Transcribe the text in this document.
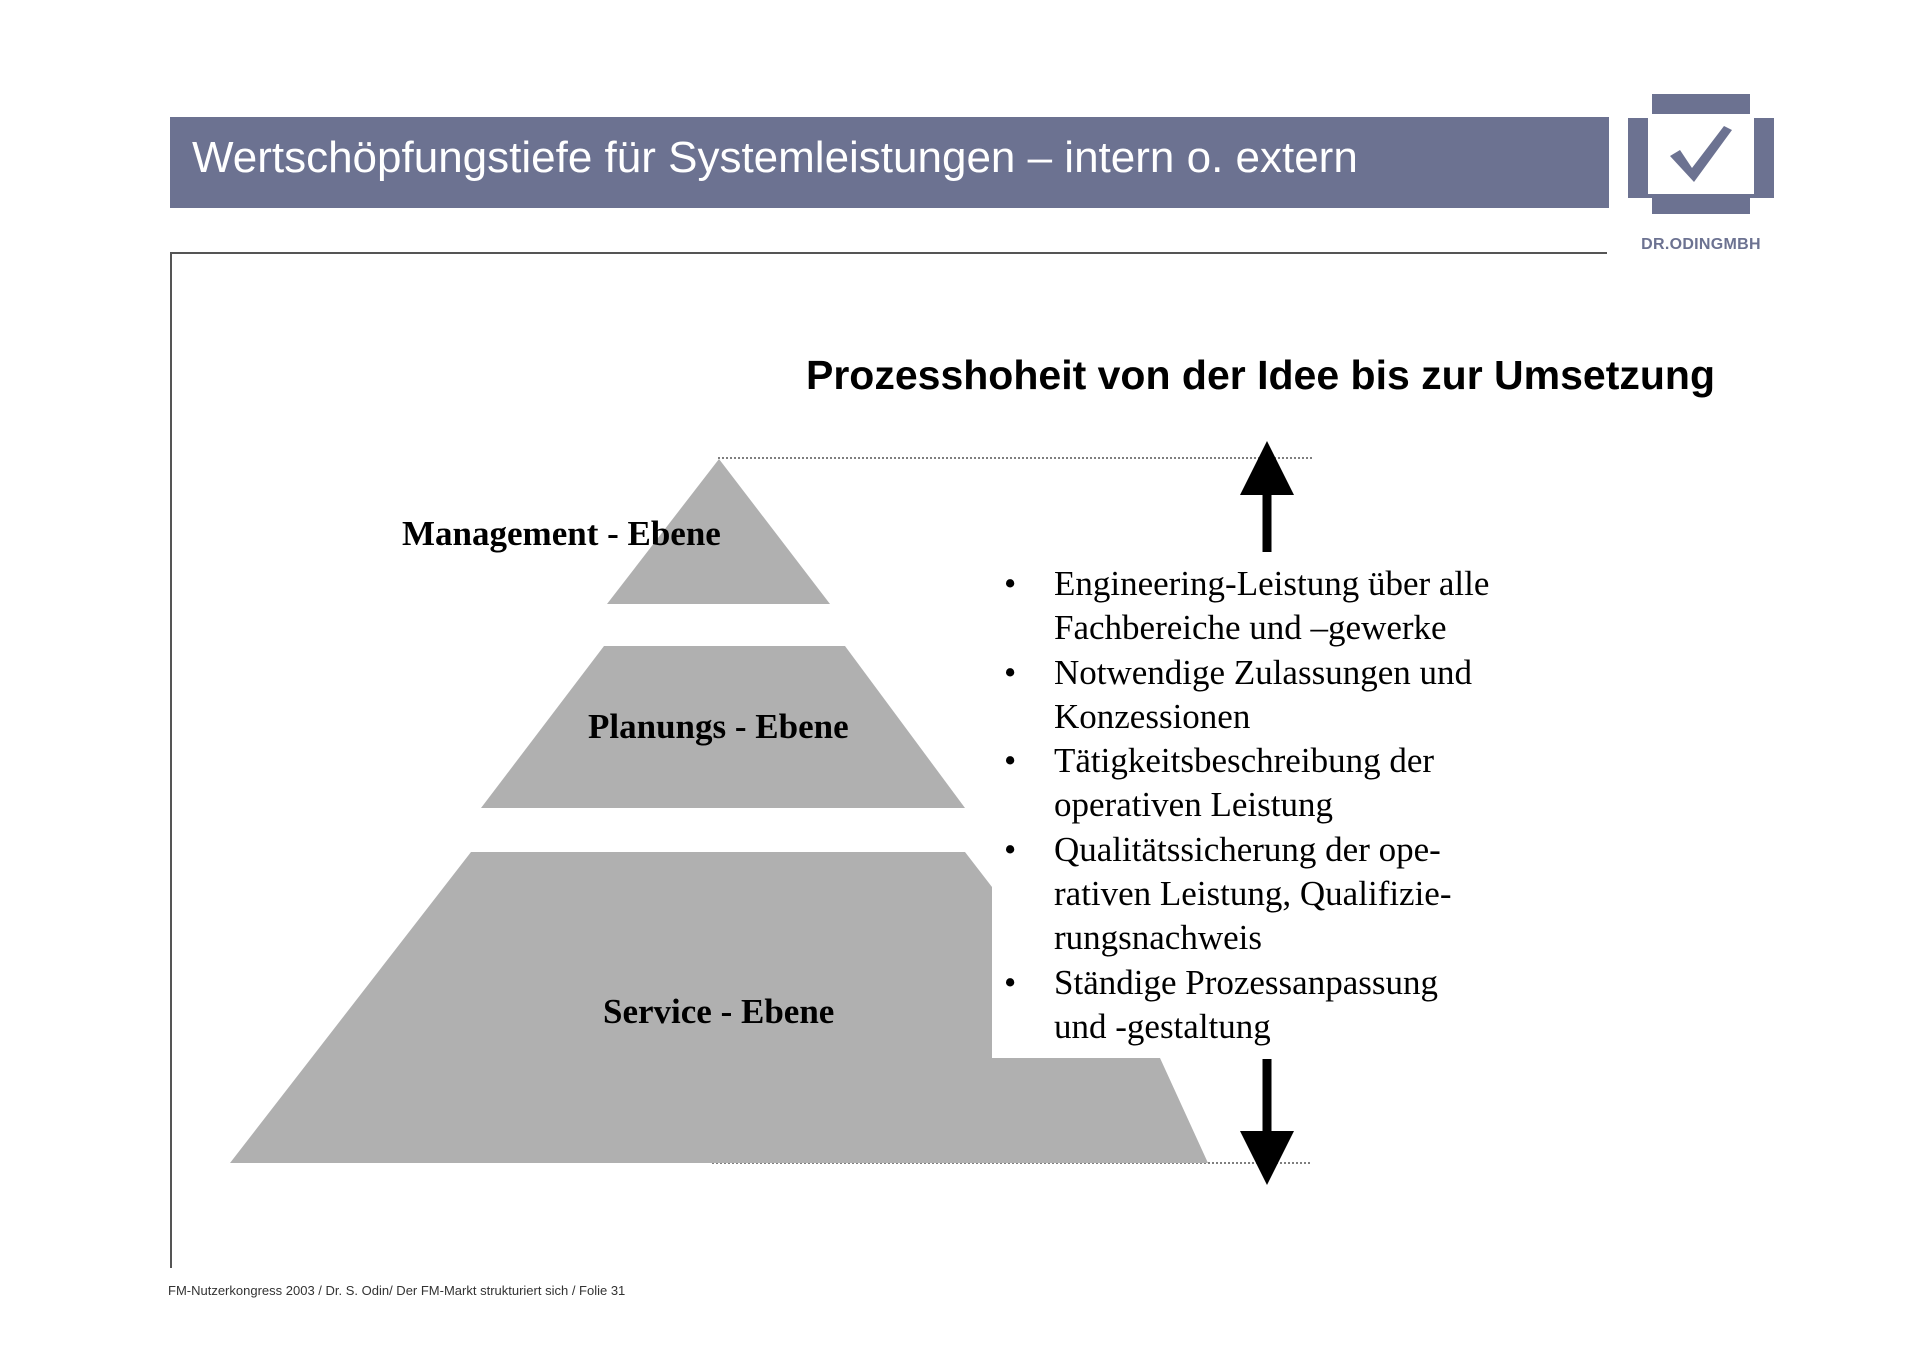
Wertschöpfungstiefe für Systemleistungen – intern o. extern
DR.ODINGMBH
Prozesshoheit von der Idee bis zur Umsetzung
Management - Ebene
Planungs - Ebene
Service - Ebene
• Engineering-Leistung über alle
Fachbereiche und –gewerke
• Notwendige Zulassungen und
Konzessionen
• Tätigkeitsbeschreibung der
operativen Leistung
• Qualitätssicherung der ope-
rativen Leistung, Qualifizie-
rungsnachweis
• Ständige Prozessanpassung
und -gestaltung
FM-Nutzerkongress 2003 / Dr. S. Odin/ Der FM-Markt strukturiert sich / Folie 31
